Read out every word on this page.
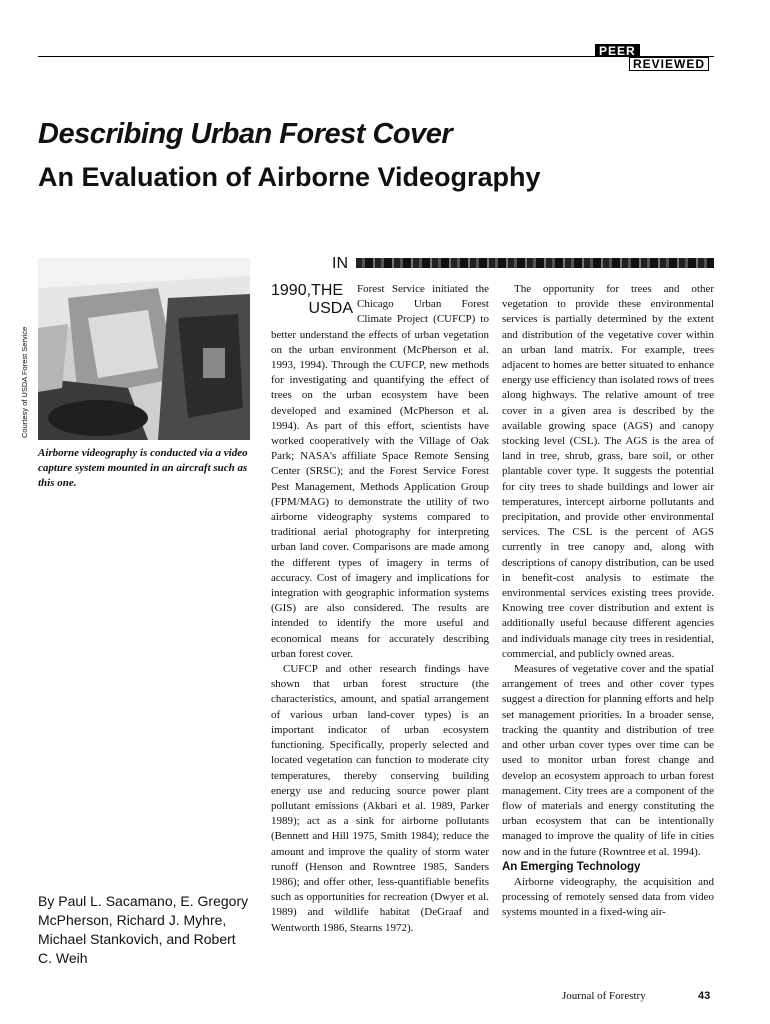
PEER
REVIEWED
Describing Urban Forest Cover
An Evaluation of Airborne Videography
Courtesy of USDA Forest Service

Airborne videography is conducted via a video capture system mounted in an aircraft such as this one.

By Paul L. Sacamano, E. Gregory McPherson, Richard J. Myhre, Michael Stankovich, and Robert C. Weih

IN
1990,THE
USDA

Forest Service initiated the Chicago Urban Forest Climate Project (CUFCP) to better understand the effects of urban vegetation on the urban environment (McPherson et al. 1993, 1994). Through the CUFCP, new methods for investigating and quantifying the effect of trees on the urban ecosystem have been developed and examined (McPherson et al. 1994). As part of this effort, scientists have worked cooperatively with the Village of Oak Park; NASA's affiliate Space Remote Sensing Center (SRSC); and the Forest Service Forest Pest Management, Methods Application Group (FPM/MAG) to demonstrate the utility of two airborne videography systems compared to traditional aerial photography for interpreting urban land cover. Comparisons are made among the different types of imagery in terms of accuracy. Cost of imagery and implications for integration with geographic information systems (GIS) are also considered. The results are intended to identify the more useful and economical means for accurately describing urban forest cover.

CUFCP and other research findings have shown that urban forest structure (the characteristics, amount, and spatial arrangement of various urban land-cover types) is an important indicator of urban ecosystem functioning. Specifically, properly selected and located vegetation can function to moderate city temperatures, thereby conserving building energy use and reducing source power plant pollutant emissions (Akbari et al. 1989, Parker 1989); act as a sink for airborne pollutants (Bennett and Hill 1975, Smith 1984); reduce the amount and improve the quality of storm water runoff (Henson and Rowntree 1985, Sanders 1986); and offer other, less-quantifiable benefits such as opportunities for recreation (Dwyer et al. 1989) and wildlife habitat (DeGraaf and Wentworth 1986, Stearns 1972).

The opportunity for trees and other vegetation to provide these environmental services is partially determined by the extent and distribution of the vegetative cover within an urban land matrix. For example, trees adjacent to homes are better situated to enhance energy use efficiency than isolated rows of trees along highways. The relative amount of tree cover in a given area is described by the available growing space (AGS) and canopy stocking level (CSL). The AGS is the area of land in tree, shrub, grass, bare soil, or other plantable cover type. It suggests the potential for city trees to shade buildings and lower air temperatures, intercept airborne pollutants and precipitation, and provide other environmental services. The CSL is the percent of AGS currently in tree canopy and, along with descriptions of canopy distribution, can be used in benefit-cost analysis to estimate the environmental services existing trees provide. Knowing tree cover distribution and extent is additionally useful because different agencies and individuals manage city trees in residential, commercial, and publicly owned areas.

Measures of vegetative cover and the spatial arrangement of trees and other cover types suggest a direction for planning efforts and help set management priorities. In a broader sense, tracking the quantity and distribution of tree and other urban cover types over time can be used to monitor urban forest change and develop an ecosystem approach to urban forest management. City trees are a component of the flow of materials and energy constituting the urban ecosystem that can be intentionally managed to improve the quality of life in cities now and in the future (Rowntree et al. 1994).

An Emerging Technology

Airborne videography, the acquisition and processing of remotely sensed data from video systems mounted in a fixed-wing air-

Journal of Forestry	43
